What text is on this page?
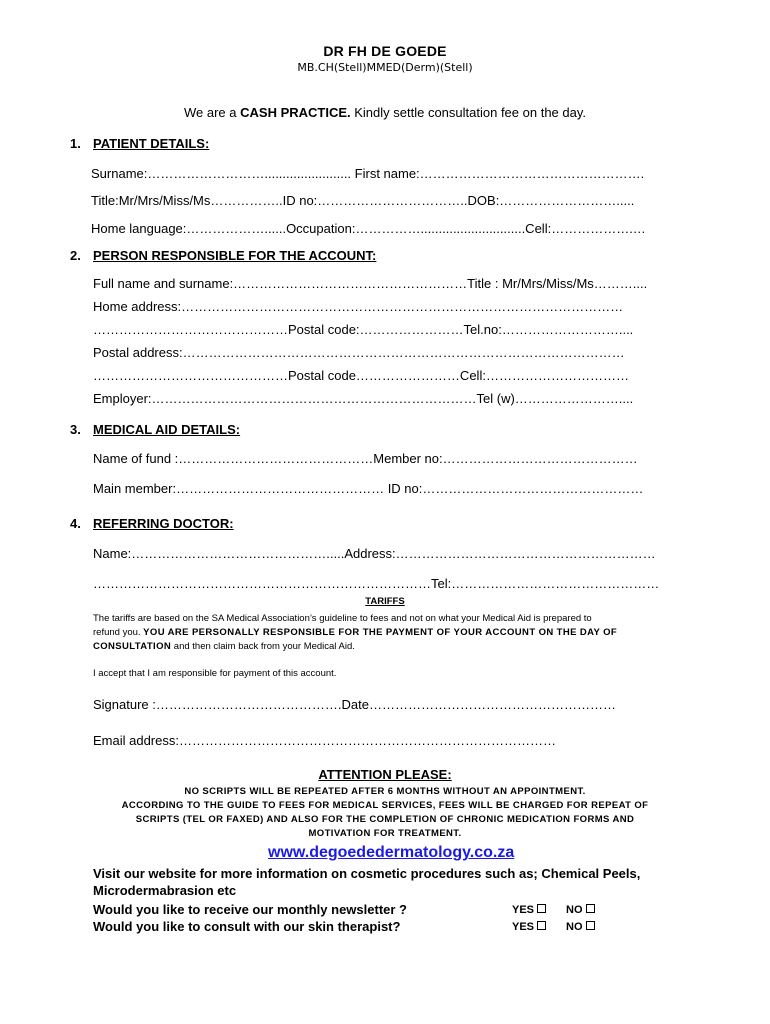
DR FH DE GOEDE
MB.CH(Stell)MMED(Derm)(Stell)
We are a CASH PRACTICE. Kindly settle consultation fee on the day.
1. PATIENT DETAILS:
Surname:………………………........................ First name:…………………………………………….
Title:Mr/Mrs/Miss/Ms……………..ID no:……………………………..DOB:……………………….....
Home language:………………......Occupation:…………….............................Cell:……………….…
2. PERSON RESPONSIBLE FOR THE ACCOUNT:
Full name and surname:………………………………………………Title : Mr/Mrs/Miss/Ms………....
Home address:…………………………………………………………………………………………
………………………………………Postal code:……………………Tel.no:………………………....
Postal address:…………………………………………………………………………………………
………………………………………Postal code……………………Cell:……………………………
Employer:…………………………………………………………………Tel (w)……………………....
3. MEDICAL AID DETAILS:
Name of fund :………………………………………Member no:………………………………………
Main member:………………………………………… ID no:……………………………………………
4. REFERRING DOCTOR:
Name:……………………………………….....Address:……………………………………………………
……………………………………………………………………Tel:…………………………………………
TARIFFS
The tariffs are based on the SA Medical Association’s guideline to fees and not on what your Medical Aid is prepared to
refund you. YOU ARE PERSONALLY RESPONSIBLE FOR THE PAYMENT OF YOUR ACCOUNT ON THE DAY OF
CONSULTATION and then claim back from your Medical Aid.
I accept that I am responsible for payment of this account.
Signature :…………………………………….Date…………………………………………………
Email address:……………………………………………………………………………
ATTENTION PLEASE:
NO SCRIPTS WILL BE REPEATED AFTER 6 MONTHS WITHOUT AN APPOINTMENT.
ACCORDING TO THE GUIDE TO FEES FOR MEDICAL SERVICES, FEES WILL BE CHARGED FOR REPEAT OF
SCRIPTS (TEL OR FAXED) AND ALSO FOR THE COMPLETION OF CHRONIC MEDICATION FORMS AND
MOTIVATION FOR TREATMENT.
www.degoededermatology.co.za
Visit our website for more information on cosmetic procedures such as; Chemical Peels,
Microdermabrasion etc
Would you like to receive our monthly newsletter ?	YES	NO
Would you like to consult with our skin therapist?	YES	NO
